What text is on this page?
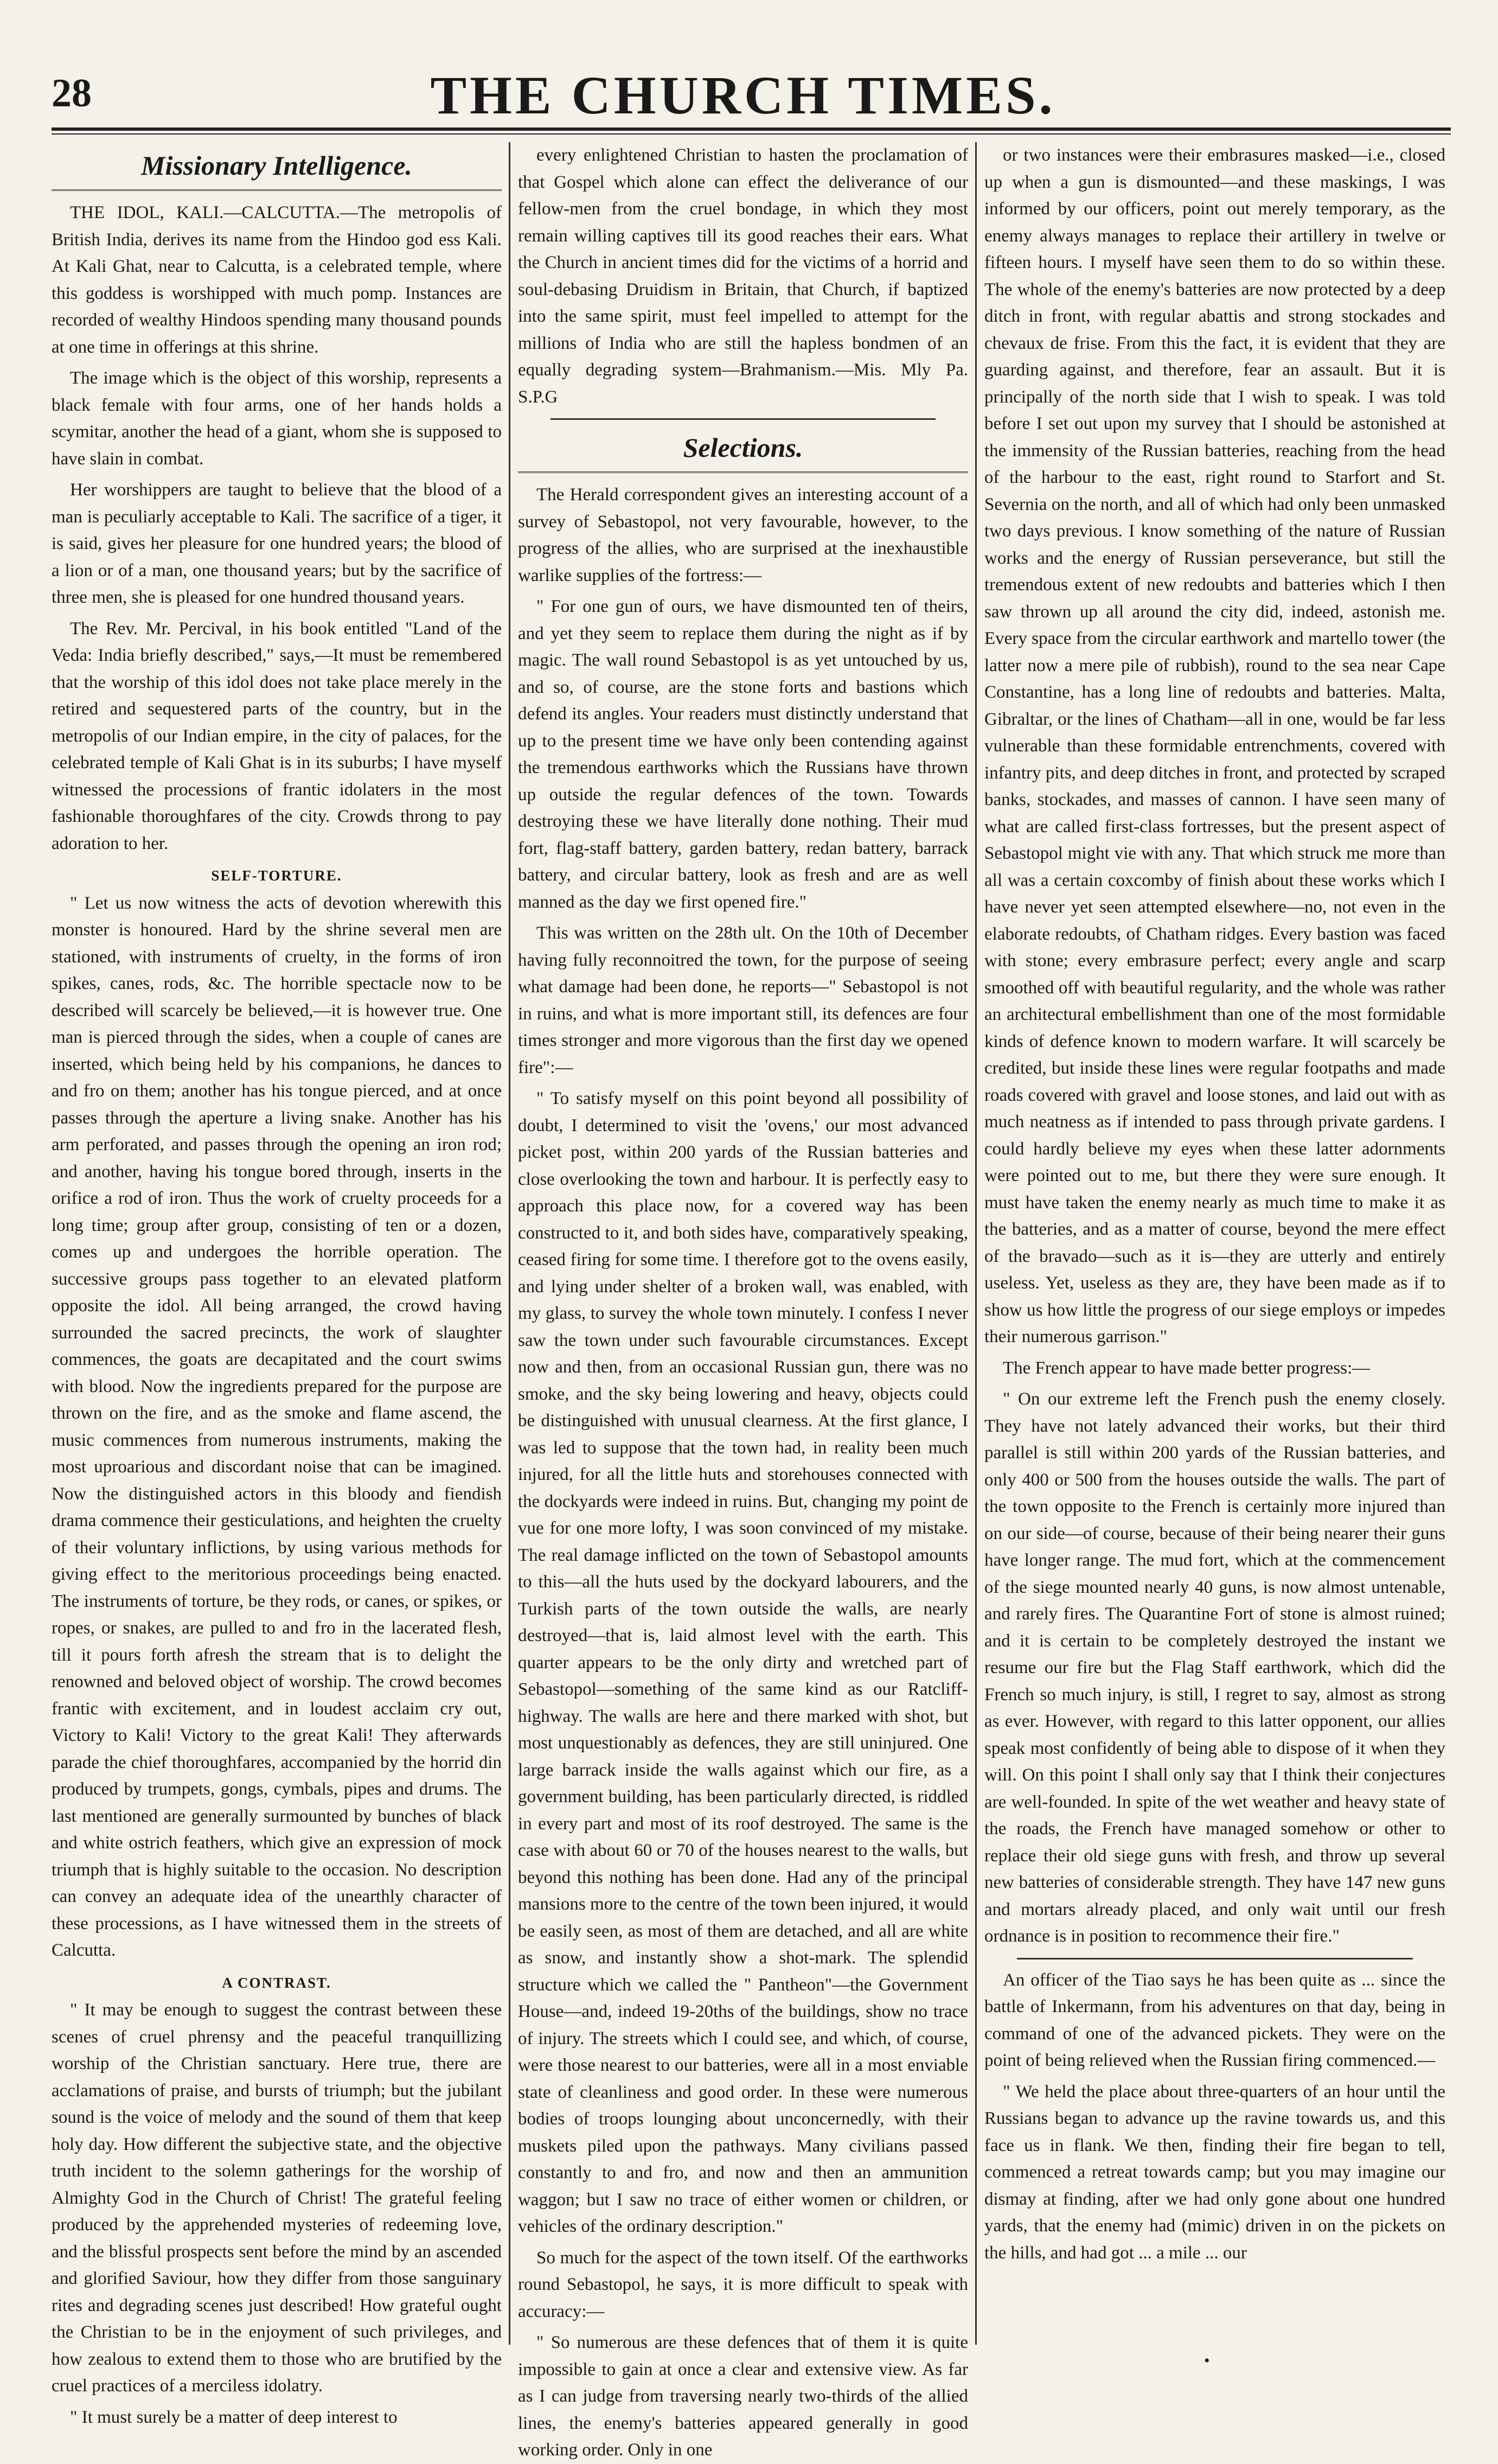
28	THE CHURCH TIMES.
Missionary Intelligence.

THE IDOL, KALI.—CALCUTTA.—The metropolis of British India, derives its name from the Hindoo god ess Kali. At Kali Ghat, near to Calcutta, is a celebrated temple, where this goddess is worshipped with much pomp. Instances are recorded of wealthy Hindoos spending many thousand pounds at one time in offerings at this shrine.

The image which is the object of this worship, represents a black female with four arms, one of her hands holds a scymitar, another the head of a giant, whom she is supposed to have slain in combat.

Her worshippers are taught to believe that the blood of a man is peculiarly acceptable to Kali. The sacrifice of a tiger, it is said, gives her pleasure for one hundred years; the blood of a lion or of a man, one thousand years; but by the sacrifice of three men, she is pleased for one hundred thousand years.

The Rev. Mr. Percival, in his book entitled "Land of the Veda: India briefly described," says,—It must be remembered that the worship of this idol does not take place merely in the retired and sequestered parts of the country, but in the metropolis of our Indian empire, in the city of palaces, for the celebrated temple of Kali Ghat is in its suburbs; I have myself witnessed the processions of frantic idolaters in the most fashionable thoroughfares of the city. Crowds throng to pay adoration to her.

SELF-TORTURE.

" Let us now witness the acts of devotion wherewith this monster is honoured. Hard by the shrine several men are stationed, with instruments of cruelty, in the forms of iron spikes, canes, rods, &c. The horrible spectacle now to be described will scarcely be believed,—it is however true. One man is pierced through the sides, when a couple of canes are inserted, which being held by his companions, he dances to and fro on them; another has his tongue pierced, and at once passes through the aperture a living snake. Another has his arm perforated, and passes through the opening an iron rod; and another, having his tongue bored through, inserts in the orifice a rod of iron. Thus the work of cruelty proceeds for a long time; group after group, consisting of ten or a dozen, comes up and undergoes the horrible operation. The successive groups pass together to an elevated platform opposite the idol. All being arranged, the crowd having surrounded the sacred precincts, the work of slaughter commences, the goats are decapitated and the court swims with blood. Now the ingredients prepared for the purpose are thrown on the fire, and as the smoke and flame ascend, the music commences from numerous instruments, making the most uproarious and discordant noise that can be imagined. Now the distinguished actors in this bloody and fiendish drama commence their gesticulations, and heighten the cruelty of their voluntary inflictions, by using various methods for giving effect to the meritorious proceedings being enacted. The instruments of torture, be they rods, or canes, or spikes, or ropes, or snakes, are pulled to and fro in the lacerated flesh, till it pours forth afresh the stream that is to delight the renowned and beloved object of worship. The crowd becomes frantic with excitement, and in loudest acclaim cry out, Victory to Kali! Victory to the great Kali! They afterwards parade the chief thoroughfares, accompanied by the horrid din produced by trumpets, gongs, cymbals, pipes and drums. The last mentioned are generally surmounted by bunches of black and white ostrich feathers, which give an expression of mock triumph that is highly suitable to the occasion. No description can convey an adequate idea of the unearthly character of these processions, as I have witnessed them in the streets of Calcutta.

A CONTRAST.

" It may be enough to suggest the contrast between these scenes of cruel phrensy and the peaceful tranquillizing worship of the Christian sanctuary. Here true, there are acclamations of praise, and bursts of triumph; but the jubilant sound is the voice of melody and the sound of them that keep holy day. How different the subjective state, and the objective truth incident to the solemn gatherings for the worship of Almighty God in the Church of Christ! The grateful feeling produced by the apprehended mysteries of redeeming love, and the blissful prospects sent before the mind by an ascended and glorified Saviour, how they differ from those sanguinary rites and degrading scenes just described! How grateful ought the Christian to be in the enjoyment of such privileges, and how zealous to extend them to those who are brutified by the cruel practices of a merciless idolatry.

" It must surely be a matter of deep interest to

every enlightened Christian to hasten the proclamation of that Gospel which alone can effect the deliverance of our fellow-men from the cruel bondage, in which they most remain willing captives till its good reaches their ears. What the Church in ancient times did for the victims of a horrid and soul-debasing Druidism in Britain, that Church, if baptized into the same spirit, must feel impelled to attempt for the millions of India who are still the hapless bondmen of an equally degrading system—Brahmanism.—Mis. Mly Pa. S.P.G

Selections.

The Herald correspondent gives an interesting account of a survey of Sebastopol, not very favourable, however, to the progress of the allies, who are surprised at the inexhaustible warlike supplies of the fortress:—

" For one gun of ours, we have dismounted ten of theirs, and yet they seem to replace them during the night as if by magic. The wall round Sebastopol is as yet untouched by us, and so, of course, are the stone forts and bastions which defend its angles. Your readers must distinctly understand that up to the present time we have only been contending against the tremendous earthworks which the Russians have thrown up outside the regular defences of the town. Towards destroying these we have literally done nothing. Their mud fort, flag-staff battery, garden battery, redan battery, barrack battery, and circular battery, look as fresh and are as well manned as the day we first opened fire."

This was written on the 28th ult. On the 10th of December having fully reconnoitred the town, for the purpose of seeing what damage had been done, he reports—" Sebastopol is not in ruins, and what is more important still, its defences are four times stronger and more vigorous than the first day we opened fire":—

" To satisfy myself on this point beyond all possibility of doubt, I determined to visit the 'ovens,' our most advanced picket post, within 200 yards of the Russian batteries and close overlooking the town and harbour. It is perfectly easy to approach this place now, for a covered way has been constructed to it, and both sides have, comparatively speaking, ceased firing for some time. I therefore got to the ovens easily, and lying under shelter of a broken wall, was enabled, with my glass, to survey the whole town minutely. I confess I never saw the town under such favourable circumstances. Except now and then, from an occasional Russian gun, there was no smoke, and the sky being lowering and heavy, objects could be distinguished with unusual clearness. At the first glance, I was led to suppose that the town had, in reality been much injured, for all the little huts and storehouses connected with the dockyards were indeed in ruins. But, changing my point de vue for one more lofty, I was soon convinced of my mistake. The real damage inflicted on the town of Sebastopol amounts to this—all the huts used by the dockyard labourers, and the Turkish parts of the town outside the walls, are nearly destroyed—that is, laid almost level with the earth. This quarter appears to be the only dirty and wretched part of Sebastopol—something of the same kind as our Ratcliff-highway. The walls are here and there marked with shot, but most unquestionably as defences, they are still uninjured. One large barrack inside the walls against which our fire, as a government building, has been particularly directed, is riddled in every part and most of its roof destroyed. The same is the case with about 60 or 70 of the houses nearest to the walls, but beyond this nothing has been done. Had any of the principal mansions more to the centre of the town been injured, it would be easily seen, as most of them are detached, and all are white as snow, and instantly show a shot-mark. The splendid structure which we called the " Pantheon"—the Government House—and, indeed 19-20ths of the buildings, show no trace of injury. The streets which I could see, and which, of course, were those nearest to our batteries, were all in a most enviable state of cleanliness and good order. In these were numerous bodies of troops lounging about unconcernedly, with their muskets piled upon the pathways. Many civilians passed constantly to and fro, and now and then an ammunition waggon; but I saw no trace of either women or children, or vehicles of the ordinary description."

So much for the aspect of the town itself. Of the earthworks round Sebastopol, he says, it is more difficult to speak with accuracy:—

" So numerous are these defences that of them it is quite impossible to gain at once a clear and extensive view. As far as I can judge from traversing nearly two-thirds of the allied lines, the enemy's batteries appeared generally in good working order. Only in one

or two instances were their embrasures masked—i.e., closed up when a gun is dismounted—and these maskings, I was informed by our officers, point out merely temporary, as the enemy always manages to replace their artillery in twelve or fifteen hours. I myself have seen them to do so within these. The whole of the enemy's batteries are now protected by a deep ditch in front, with regular abattis and strong stockades and chevaux de frise. From this the fact, it is evident that they are guarding against, and therefore, fear an assault. But it is principally of the north side that I wish to speak. I was told before I set out upon my survey that I should be astonished at the immensity of the Russian batteries, reaching from the head of the harbour to the east, right round to Starfort and St. Severnia on the north, and all of which had only been unmasked two days previous. I know something of the nature of Russian works and the energy of Russian perseverance, but still the tremendous extent of new redoubts and batteries which I then saw thrown up all around the city did, indeed, astonish me. Every space from the circular earthwork and martello tower (the latter now a mere pile of rubbish), round to the sea near Cape Constantine, has a long line of redoubts and batteries. Malta, Gibraltar, or the lines of Chatham—all in one, would be far less vulnerable than these formidable entrenchments, covered with infantry pits, and deep ditches in front, and protected by scraped banks, stockades, and masses of cannon. I have seen many of what are called first-class fortresses, but the present aspect of Sebastopol might vie with any. That which struck me more than all was a certain coxcomby of finish about these works which I have never yet seen attempted elsewhere—no, not even in the elaborate redoubts, of Chatham ridges. Every bastion was faced with stone; every embrasure perfect; every angle and scarp smoothed off with beautiful regularity, and the whole was rather an architectural embellishment than one of the most formidable kinds of defence known to modern warfare. It will scarcely be credited, but inside these lines were regular footpaths and made roads covered with gravel and loose stones, and laid out with as much neatness as if intended to pass through private gardens. I could hardly believe my eyes when these latter adornments were pointed out to me, but there they were sure enough. It must have taken the enemy nearly as much time to make it as the batteries, and as a matter of course, beyond the mere effect of the bravado—such as it is—they are utterly and entirely useless. Yet, useless as they are, they have been made as if to show us how little the progress of our siege employs or impedes their numerous garrison."

The French appear to have made better progress:—

" On our extreme left the French push the enemy closely. They have not lately advanced their works, but their third parallel is still within 200 yards of the Russian batteries, and only 400 or 500 from the houses outside the walls. The part of the town opposite to the French is certainly more injured than on our side—of course, because of their being nearer their guns have longer range. The mud fort, which at the commencement of the siege mounted nearly 40 guns, is now almost untenable, and rarely fires. The Quarantine Fort of stone is almost ruined; and it is certain to be completely destroyed the instant we resume our fire but the Flag Staff earthwork, which did the French so much injury, is still, I regret to say, almost as strong as ever. However, with regard to this latter opponent, our allies speak most confidently of being able to dispose of it when they will. On this point I shall only say that I think their conjectures are well-founded. In spite of the wet weather and heavy state of the roads, the French have managed somehow or other to replace their old siege guns with fresh, and throw up several new batteries of considerable strength. They have 147 new guns and mortars already placed, and only wait until our fresh ordnance is in position to recommence their fire."

An officer of the Tiao says he has been quite as ... since the battle of Inkermann, from his adventures on that day, being in command of one of the advanced pickets. They were on the point of being relieved when the Russian firing commenced.—

" We held the place about three-quarters of an hour until the Russians began to advance up the ravine towards us, and this face us in flank. We then, finding their fire began to tell, commenced a retreat towards camp; but you may imagine our dismay at finding, after we had only gone about one hundred yards, that the enemy had (mimic) driven in on the pickets on the hills, and had got ... a mile ... our

•
